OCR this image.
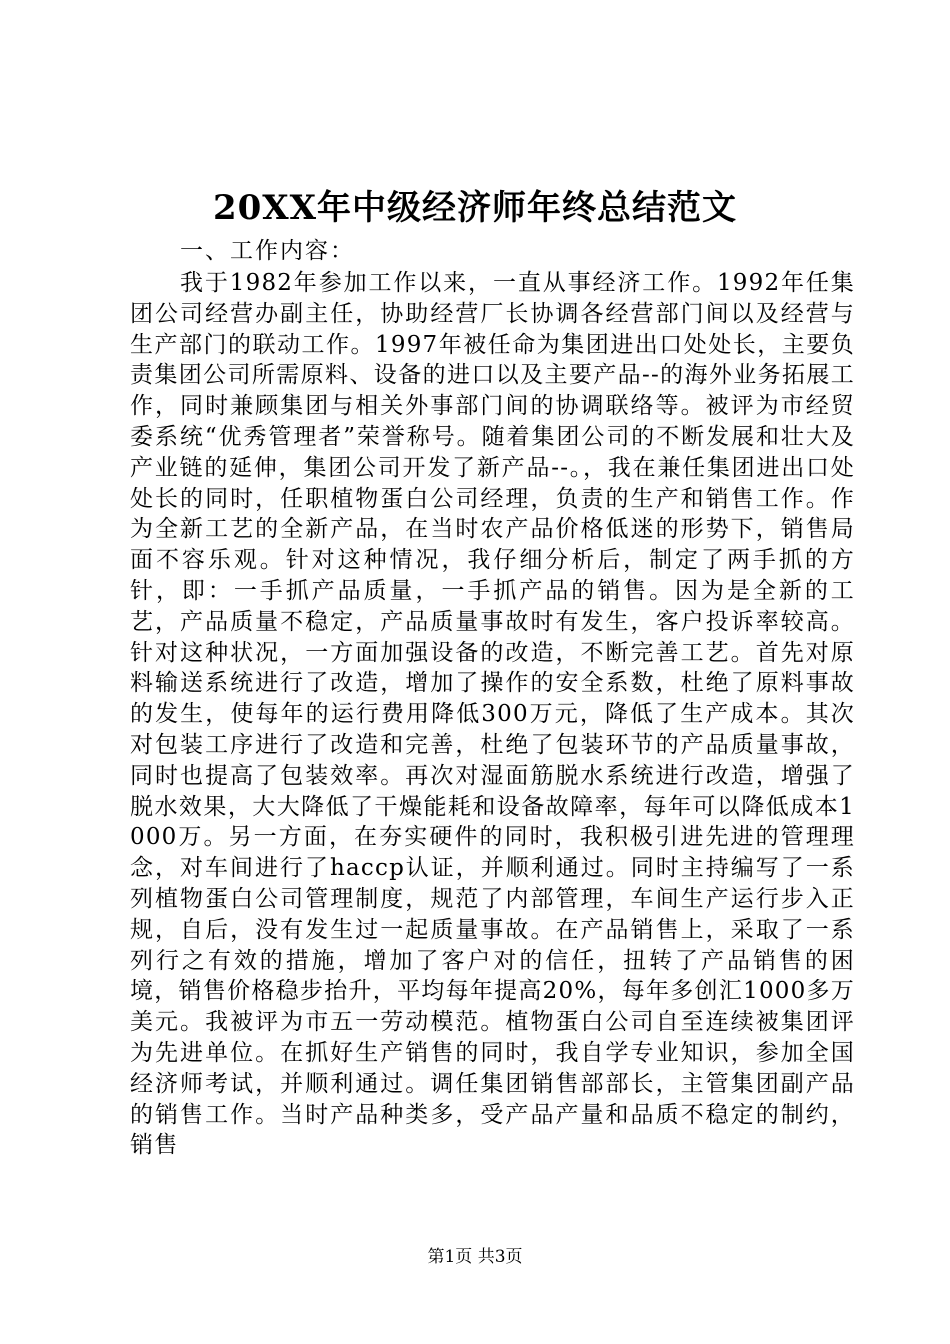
20XX年中级经济师年终总结范文

一、工作内容：

我于1982年参加工作以来，一直从事经济工作。1992年任集团公司经营办副主任，协助经营厂长协调各经营部门间以及经营与生产部门的联动工作。1997年被任命为集团进出口处处长，主要负责集团公司所需原料、设备的进口以及主要产品--的海外业务拓展工作，同时兼顾集团与相关外事部门间的协调联络等。被评为市经贸委系统“优秀管理者”荣誉称号。随着集团公司的不断发展和壮大及产业链的延伸，集团公司开发了新产品--。，我在兼任集团进出口处处长的同时，任职植物蛋白公司经理，负责的生产和销售工作。作为全新工艺的全新产品，在当时农产品价格低迷的形势下，销售局面不容乐观。针对这种情况，我仔细分析后，制定了两手抓的方针，即：一手抓产品质量，一手抓产品的销售。因为是全新的工艺，产品质量不稳定，产品质量事故时有发生，客户投诉率较高。针对这种状况，一方面加强设备的改造，不断完善工艺。首先对原料输送系统进行了改造，增加了操作的安全系数，杜绝了原料事故的发生，使每年的运行费用降低300万元，降低了生产成本。其次对包装工序进行了改造和完善，杜绝了包装环节的产品质量事故，同时也提高了包装效率。再次对湿面筋脱水系统进行改造，增强了脱水效果，大大降低了干燥能耗和设备故障率，每年可以降低成本1000万。另一方面，在夯实硬件的同时，我积极引进先进的管理理念，对车间进行了haccp认证，并顺利通过。同时主持编写了一系列植物蛋白公司管理制度，规范了内部管理，车间生产运行步入正规，自后，没有发生过一起质量事故。在产品销售上，采取了一系列行之有效的措施，增加了客户对的信任，扭转了产品销售的困境，销售价格稳步抬升，平均每年提高20%，每年多创汇1000多万美元。我被评为市五一劳动模范。植物蛋白公司自至连续被集团评为先进单位。在抓好生产销售的同时，我自学专业知识，参加全国经济师考试，并顺利通过。调任集团销售部部长，主管集团副产品的销售工作。当时产品种类多，受产品产量和品质不稳定的制约，销售

第1页 共3页
